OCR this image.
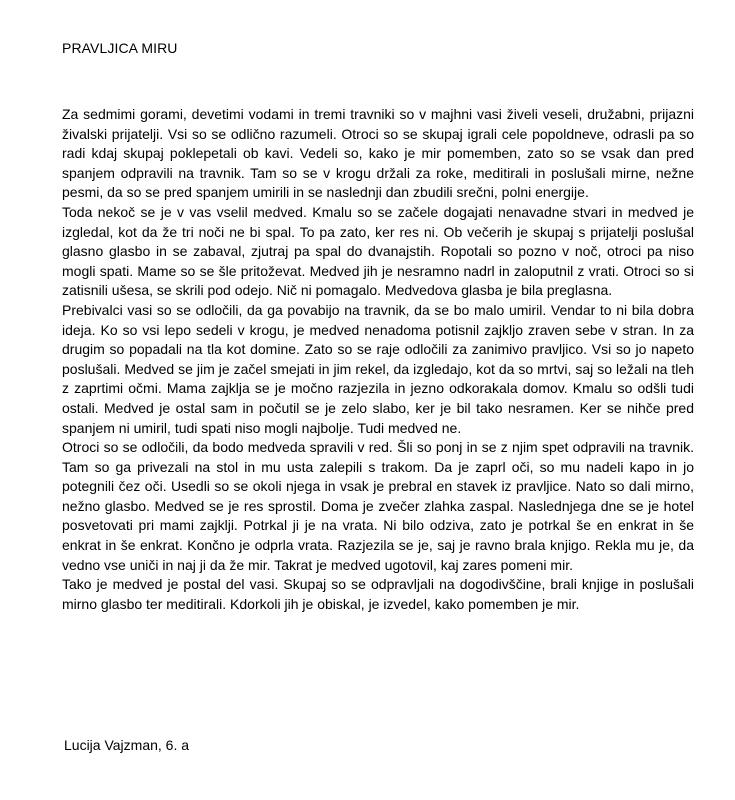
PRAVLJICA MIRU

Za sedmimi gorami, devetimi vodami in tremi travniki so v majhni vasi živeli veseli, družabni, prijazni živalski prijatelji. Vsi so se odlično razumeli. Otroci so se skupaj igrali cele popoldneve, odrasli pa so radi kdaj skupaj poklepetali ob kavi. Vedeli so, kako je mir pomemben, zato so se vsak dan pred spanjem odpravili na travnik. Tam so se v krogu držali za roke, meditirali in poslušali mirne, nežne pesmi, da so se pred spanjem umirili in se naslednji dan zbudili srečni, polni energije.

Toda nekoč se je v vas vselil medved. Kmalu so se začele dogajati nenavadne stvari in medved je izgledal, kot da že tri noči ne bi spal. To pa zato, ker res ni. Ob večerih je skupaj s prijatelji poslušal glasno glasbo in se zabaval, zjutraj pa spal do dvanajstih. Ropotali so pozno v noč, otroci pa niso mogli spati. Mame so se šle pritoževat. Medved jih je nesramno nadrl in zaloputnil z vrati. Otroci so si zatisnili ušesa, se skrili pod odejo. Nič ni pomagalo. Medvedova glasba je bila preglasna.

Prebivalci vasi so se odločili, da ga povabijo na travnik, da se bo malo umiril. Vendar to ni bila dobra ideja. Ko so vsi lepo sedeli v krogu, je medved nenadoma potisnil zajkljo zraven sebe v stran. In za drugim so popadali na tla kot domine. Zato so se raje odločili za zanimivo pravljico. Vsi so jo napeto poslušali. Medved se jim je začel smejati in jim rekel, da izgledajo, kot da so mrtvi, saj so ležali na tleh z zaprtimi očmi. Mama zajklja se je močno razjezila in jezno odkorakala domov. Kmalu so odšli tudi ostali. Medved je ostal sam in počutil se je zelo slabo, ker je bil tako nesramen. Ker se nihče pred spanjem ni umiril, tudi spati niso mogli najbolje. Tudi medved ne.

Otroci so se odločili, da bodo medveda spravili v red. Šli so ponj in se z njim spet odpravili na travnik. Tam so ga privezali na stol in mu usta zalepili s trakom. Da je zaprl oči, so mu nadeli kapo in jo potegnili čez oči. Usedli so se okoli njega in vsak je prebral en stavek iz pravljice. Nato so dali mirno, nežno glasbo. Medved se je res sprostil. Doma je zvečer zlahka zaspal. Naslednjega dne se je hotel posvetovati pri mami zajklji. Potrkal ji je na vrata. Ni bilo odziva, zato je potrkal še en enkrat in še enkrat in še enkrat. Končno je odprla vrata. Razjezila se je, saj je ravno brala knjigo. Rekla mu je, da vedno vse uniči in naj ji da že mir. Takrat je medved ugotovil, kaj zares pomeni mir.

Tako je medved je postal del vasi. Skupaj so se odpravljali na dogodivščine, brali knjige in poslušali mirno glasbo ter meditirali. Kdorkoli jih je obiskal, je izvedel, kako pomemben je mir.

Lucija Vajzman, 6. a
